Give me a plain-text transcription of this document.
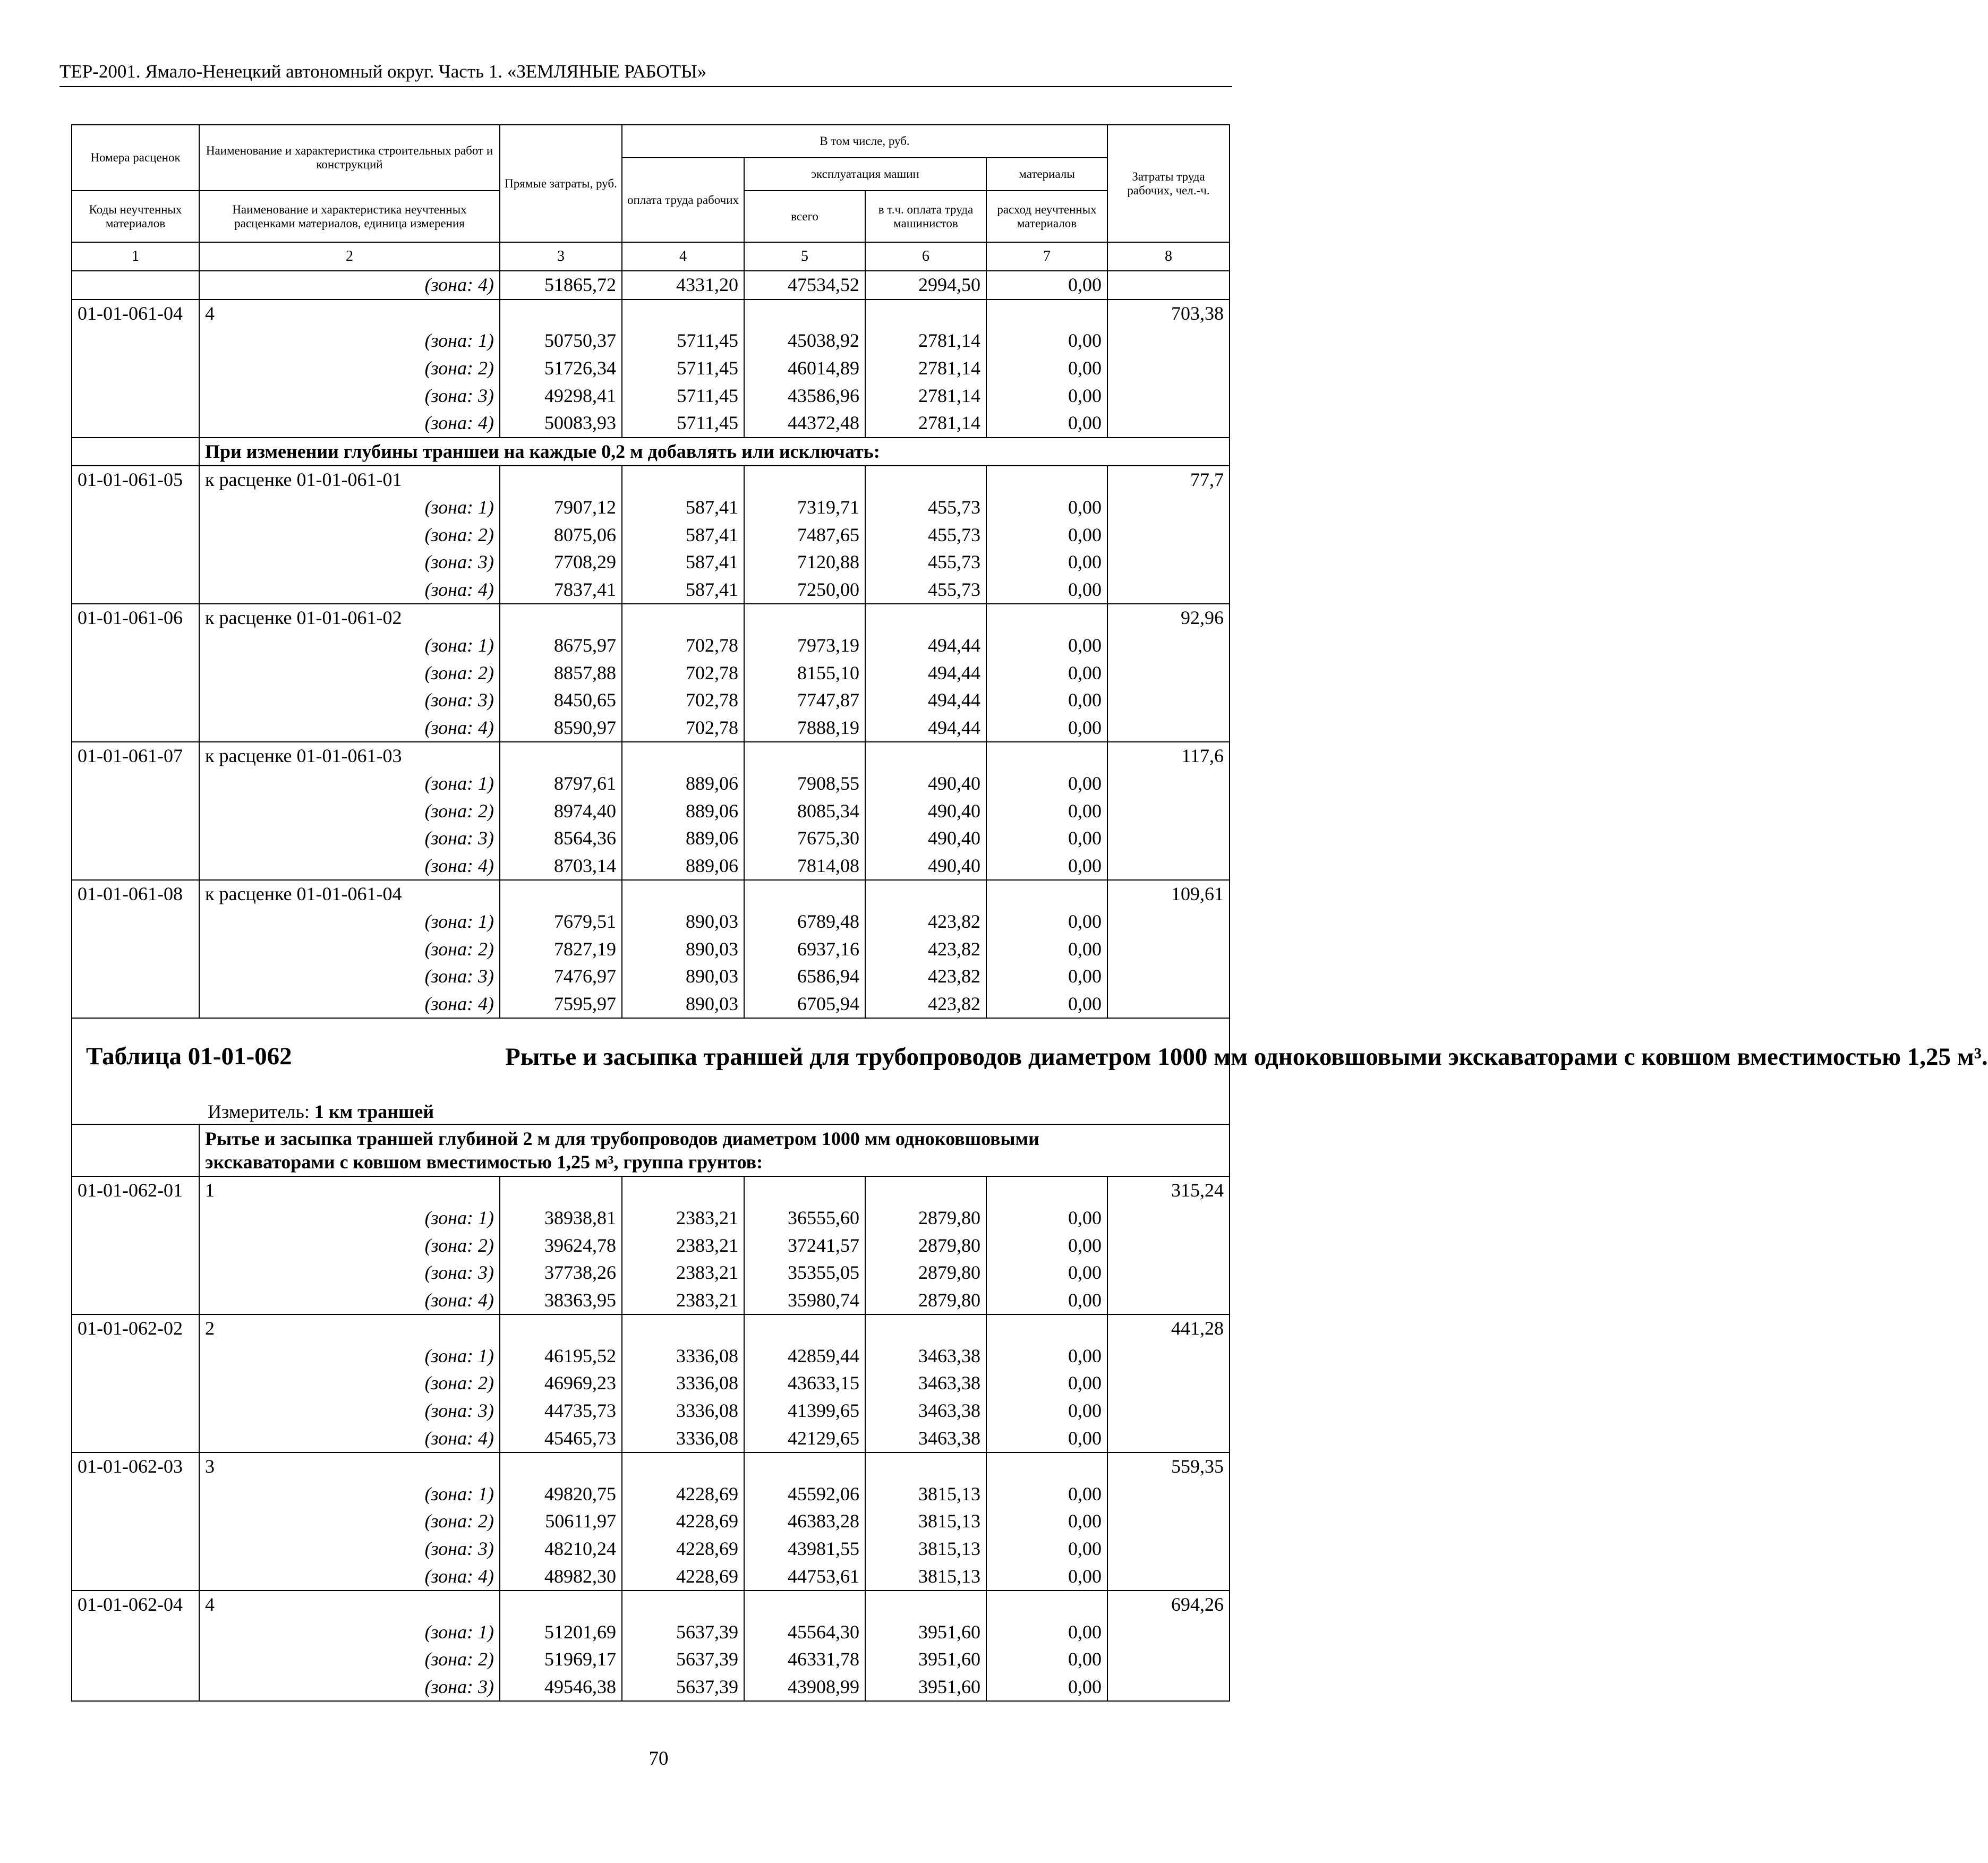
ТЕР-2001. Ямало-Ненецкий автономный округ. Часть 1. «ЗЕМЛЯНЫЕ РАБОТЫ»
Номера расценок	Наименование и характеристика строительных работ и конструкций	Прямые затраты, руб.	В том числе, руб.				Затраты труда рабочих, чел.-ч.
			оплата труда рабочих	эксплуатация машин		материалы	
Коды неучтенных материалов	Наименование и характеристика неучтенных расценками материалов, единица измерения			всего	в т.ч. оплата труда машинистов	расход неучтенных материалов	
1	2	3	4	5	6	7	8
	(зона: 4)	51865,72	4331,20	47534,52	2994,50	0,00	
01-01-061-04	4						703,38
	(зона: 1)	50750,37	5711,45	45038,92	2781,14	0,00	
	(зона: 2)	51726,34	5711,45	46014,89	2781,14	0,00	
	(зона: 3)	49298,41	5711,45	43586,96	2781,14	0,00	
	(зона: 4)	50083,93	5711,45	44372,48	2781,14	0,00	
	При изменении глубины траншеи на каждые 0,2 м добавлять или исключать:						
01-01-061-05	к расценке 01-01-061-01						77,7
	(зона: 1)	7907,12	587,41	7319,71	455,73	0,00	
	(зона: 2)	8075,06	587,41	7487,65	455,73	0,00	
	(зона: 3)	7708,29	587,41	7120,88	455,73	0,00	
	(зона: 4)	7837,41	587,41	7250,00	455,73	0,00	
01-01-061-06	к расценке 01-01-061-02						92,96
	(зона: 1)	8675,97	702,78	7973,19	494,44	0,00	
	(зона: 2)	8857,88	702,78	8155,10	494,44	0,00	
	(зона: 3)	8450,65	702,78	7747,87	494,44	0,00	
	(зона: 4)	8590,97	702,78	7888,19	494,44	0,00	
01-01-061-07	к расценке 01-01-061-03						117,6
	(зона: 1)	8797,61	889,06	7908,55	490,40	0,00	
	(зона: 2)	8974,40	889,06	8085,34	490,40	0,00	
	(зона: 3)	8564,36	889,06	7675,30	490,40	0,00	
	(зона: 4)	8703,14	889,06	7814,08	490,40	0,00	
01-01-061-08	к расценке 01-01-061-04						109,61
	(зона: 1)	7679,51	890,03	6789,48	423,82	0,00	
	(зона: 2)	7827,19	890,03	6937,16	423,82	0,00	
	(зона: 3)	7476,97	890,03	6586,94	423,82	0,00	
	(зона: 4)	7595,97	890,03	6705,94	423,82	0,00	

Таблица 01-01-062 Рытье и засыпка траншей для трубопроводов диаметром 1000 мм одноковшовыми экскаваторами с ковшом вместимостью 1,25 м³.
Измеритель: 1 км траншей							

	Рытье и засыпка траншей глубиной 2 м для трубопроводов диаметром 1000 мм одноковшовыми экскаваторами с ковшом вместимостью 1,25 м³, группа грунтов:						
01-01-062-01	1						315,24
	(зона: 1)	38938,81	2383,21	36555,60	2879,80	0,00	
	(зона: 2)	39624,78	2383,21	37241,57	2879,80	0,00	
	(зона: 3)	37738,26	2383,21	35355,05	2879,80	0,00	
	(зона: 4)	38363,95	2383,21	35980,74	2879,80	0,00	
01-01-062-02	2						441,28
	(зона: 1)	46195,52	3336,08	42859,44	3463,38	0,00	
	(зона: 2)	46969,23	3336,08	43633,15	3463,38	0,00	
	(зона: 3)	44735,73	3336,08	41399,65	3463,38	0,00	
	(зона: 4)	45465,73	3336,08	42129,65	3463,38	0,00	
01-01-062-03	3						559,35
	(зона: 1)	49820,75	4228,69	45592,06	3815,13	0,00	
	(зона: 2)	50611,97	4228,69	46383,28	3815,13	0,00	
	(зона: 3)	48210,24	4228,69	43981,55	3815,13	0,00	
	(зона: 4)	48982,30	4228,69	44753,61	3815,13	0,00	
01-01-062-04	4						694,26
	(зона: 1)	51201,69	5637,39	45564,30	3951,60	0,00	
	(зона: 2)	51969,17	5637,39	46331,78	3951,60	0,00	
	(зона: 3)	49546,38	5637,39	43908,99	3951,60	0,00	
70
